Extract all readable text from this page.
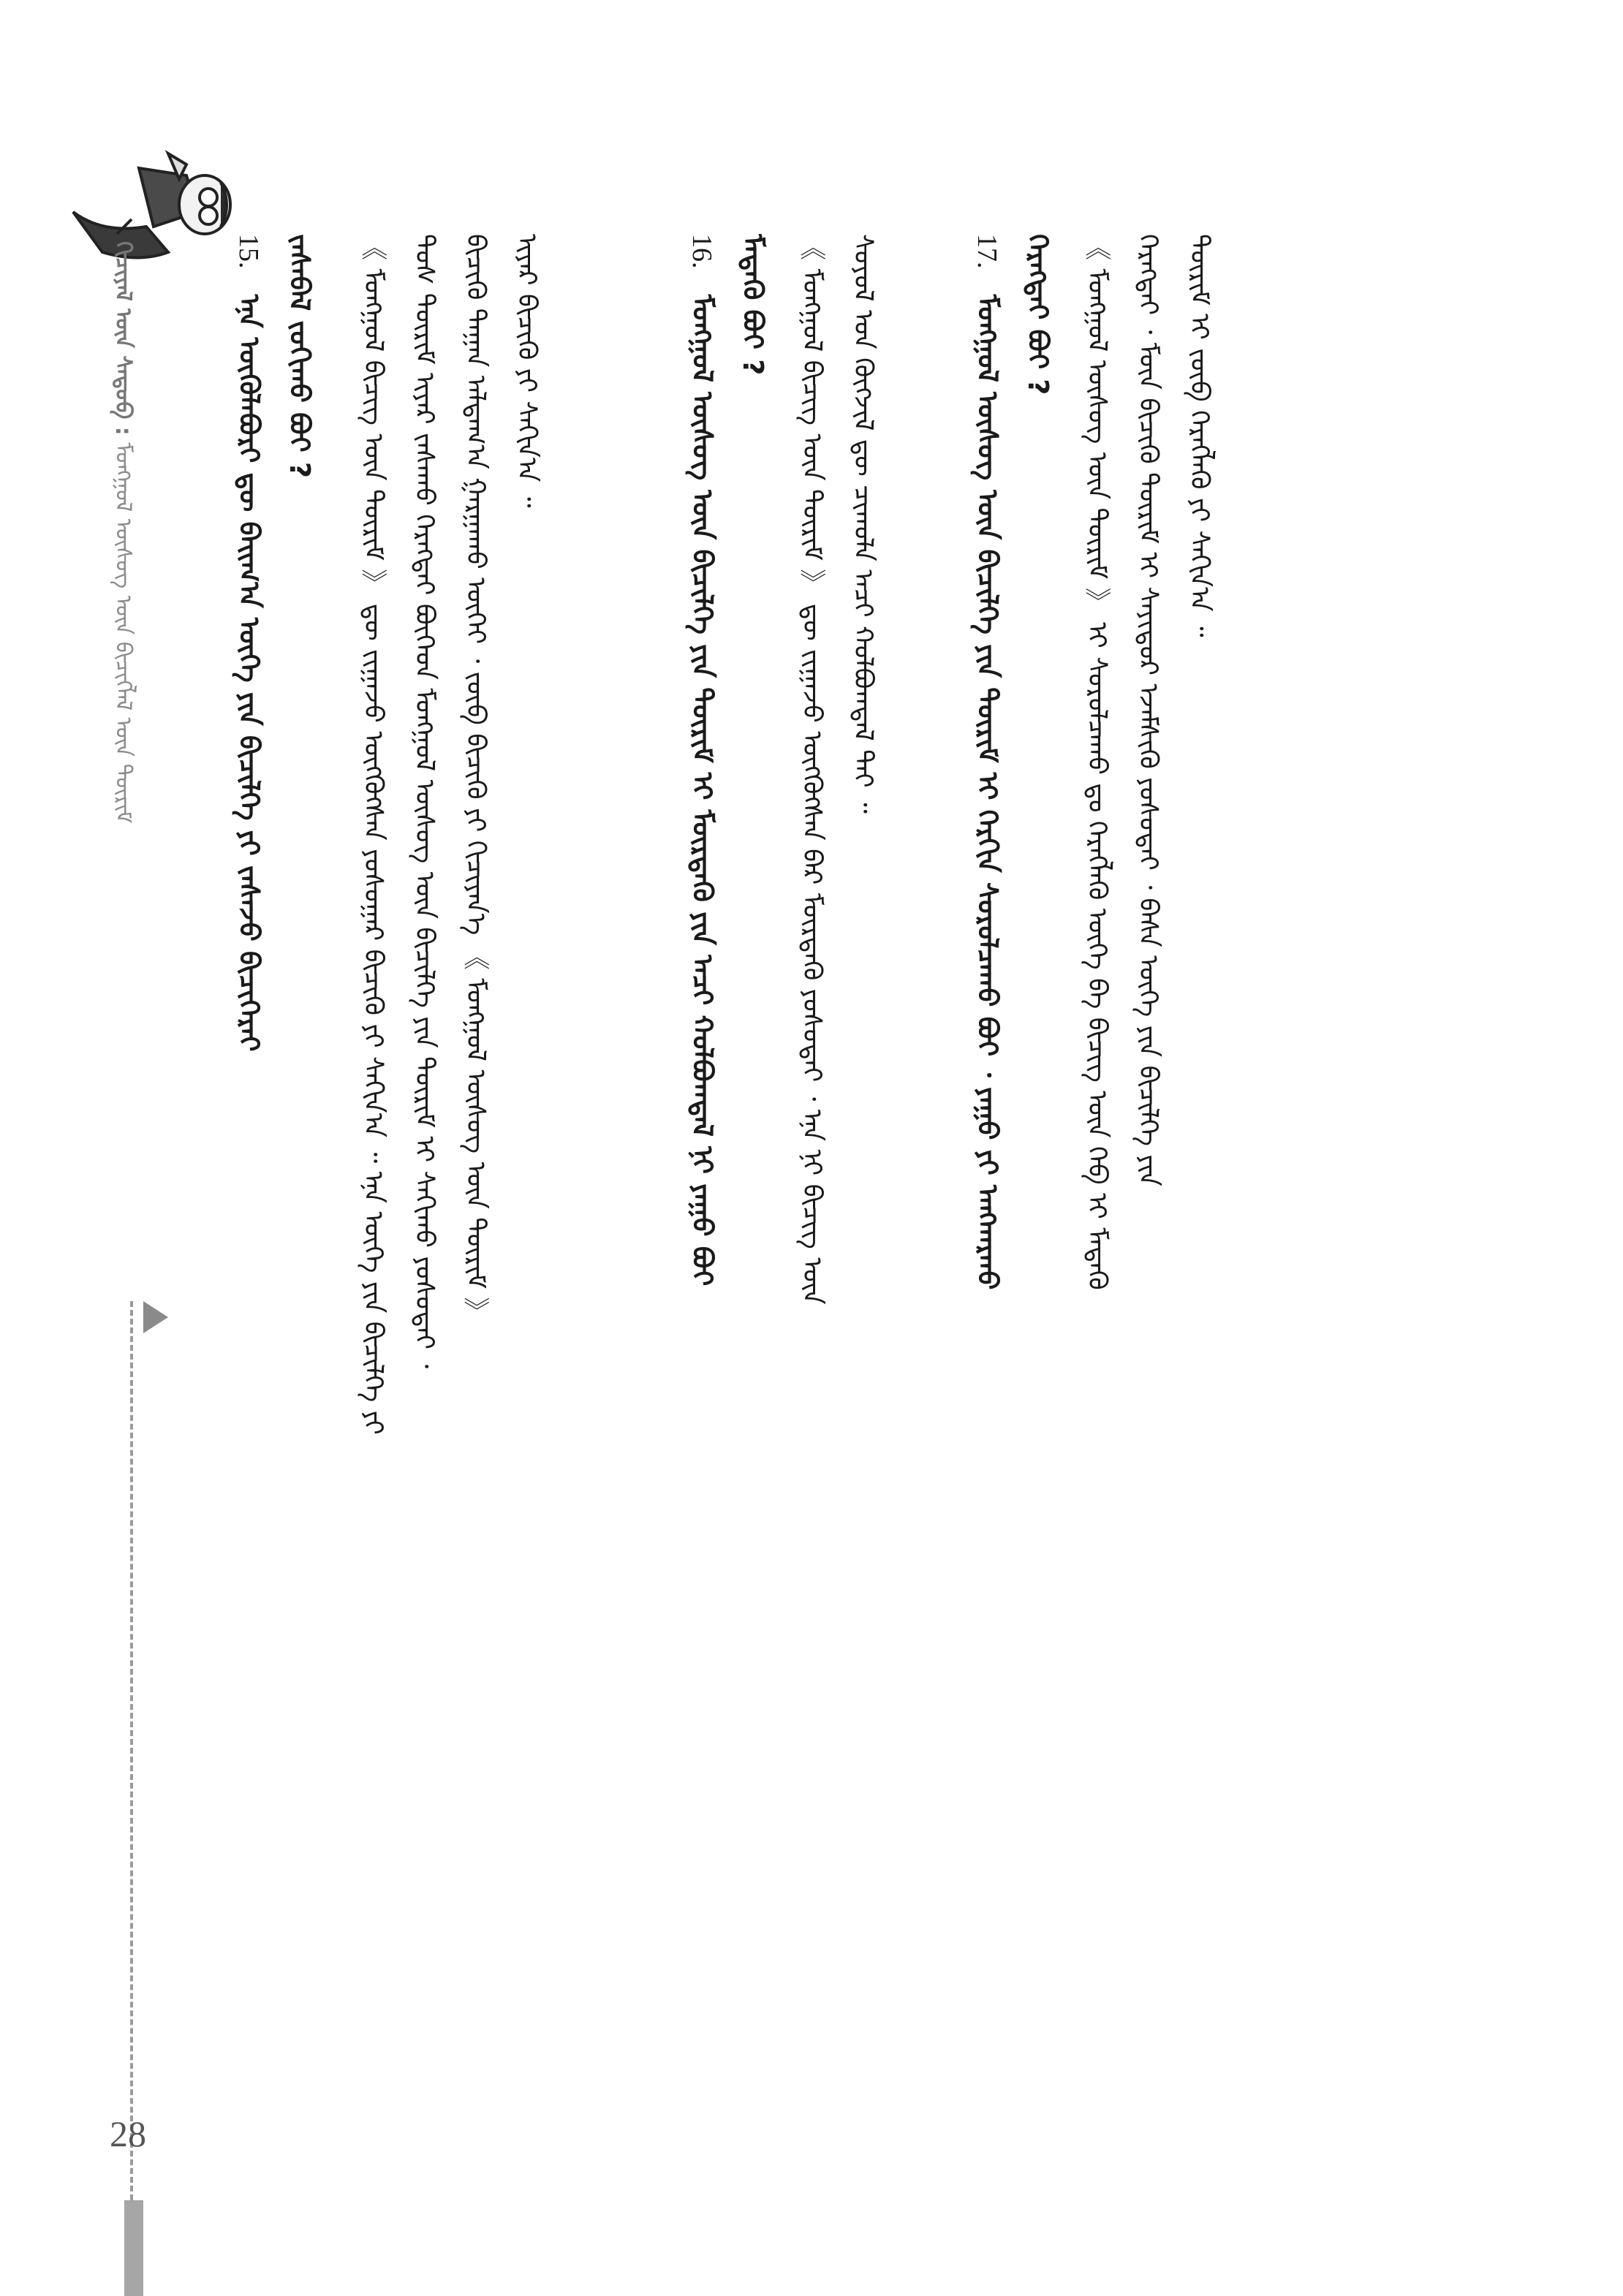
ᠬᠢᠴᠢᠶᠡᠯ ᠦᠨ ᠰᠡᠳᠦᠪ : ᠮᠣᠩᠭᠣᠯ ᠦᠰᠦᠭ ᠦᠨ ᠪᠢᠴᠢᠭᠯᠡᠯ ᠦᠨ ᠳᠦᠷᠢᠮ
15. ᠡᠨᠡ ᠦᠭᠦᠯᠡᠪᠦᠷᠢ ᠳᠦ ᠪᠠᠢᠭ᠎ᠠ ᠦᠭᠡ ᠶᠢᠨ ᠪᠢᠴᠢᠯᠭᠡ ᠶᠢ ᠵᠠᠰᠠᠵᠤ ᠪᠢᠴᠢᠭᠡᠷᠡᠢ ᠵᠠᠰᠠᠪᠠᠯ ᠵᠣᠬᠢᠬᠤ ᠪᠤᠢ ? 《 ᠮᠣᠩᠭᠣᠯ ᠪᠢᠴᠢᠭ ᠦᠨ ᠳᠦᠷᠢᠮ 》 ᠳᠦ ᠵᠢᠭᠠᠵᠤ ᠦᠭᠭᠦᠭᠰᠡᠨ ᠶᠣᠰᠣᠭᠠᠷ ᠪᠢᠴᠢᠬᠦ ᠶᠢ ᠰᠠᠬᠢᠨ᠎ᠠ ᠃ ᠡᠨᠡ ᠦᠭᠡ ᠶᠢᠨ ᠪᠢᠴᠢᠯᠭᠡ ᠶᠢ ᠲᠤᠰ ᠳᠦᠷᠢᠮ ᠢᠶᠡᠷ ᠵᠠᠰᠠᠬᠤ ᠬᠡᠷᠡᠭᠲᠡᠢ ᠪᠦᠭᠡᠳ ᠮᠣᠩᠭᠣᠯ ᠦᠰᠦᠭ ᠦᠨ ᠪᠢᠴᠢᠯᠭᠡ ᠶᠢᠨ ᠳᠦᠷᠢᠮ ᠢ ᠰᠠᠬᠢᠬᠤ ᠶᠣᠰᠣᠲᠠᠢ ᠂ ᠪᠢᠴᠢᠬᠦ ᠳᠠᠭᠠᠨ ᠠᠯᠳᠠᠭ᠎ᠠ ᠭᠠᠷᠭᠠᠬᠤ ᠦᠭᠡᠢ ᠂ ᠵᠦᠪ ᠪᠢᠴᠢᠬᠦ ᠶᠢ ᠬᠢᠴᠢᠶᠡᠨ᠎ᠡ 《 ᠮᠣᠩᠭᠣᠯ ᠦᠰᠦᠭ ᠦᠨ ᠳᠦᠷᠢᠮ 》 ᠢᠶᠡᠷ ᠪᠢᠴᠢᠬᠦ ᠶᠢ ᠰᠠᠬᠢᠨ᠎ᠠ ᠃	16. ᠮᠣᠩᠭᠣᠯ ᠦᠰᠦᠭ ᠦᠨ ᠪᠢᠴᠢᠯᠭᠡ ᠶᠢᠨ ᠳᠦᠷᠢᠮ ᠢ ᠮᠥᠷᠳᠡᠬᠦ ᠶᠢᠨ ᠠᠴᠢ ᠬᠣᠯᠪᠣᠭᠳᠠᠯ ᠨᠢ ᠶᠠᠭᠤ ᠪᠤᠢ ᠮᠡᠳᠡᠬᠦ ᠪᠤᠢ ? 《 ᠮᠣᠩᠭᠣᠯ ᠪᠢᠴᠢᠭ ᠦᠨ ᠳᠦᠷᠢᠮ 》 ᠳᠦ ᠵᠢᠭᠠᠵᠤ ᠦᠭᠭᠦᠭᠰᠡᠨ ᠪᠠᠷ ᠮᠥᠷᠳᠡᠬᠦ ᠶᠣᠰᠣᠲᠠᠢ ᠂ ᠡᠨᠡ ᠨᠢ ᠪᠢᠴᠢᠭ ᠦᠨ ᠰᠣᠶᠣᠯ ᠤᠨ ᠬᠥᠭᠵᠢᠯ ᠳᠦ ᠴᠢᠬᠤᠯᠠ ᠠᠴᠢ ᠬᠣᠯᠪᠣᠭᠳᠠᠯ ᠲᠠᠢ ᠃	17. ᠮᠣᠩᠭᠣᠯ ᠦᠰᠦᠭ ᠦᠨ ᠪᠢᠴᠢᠯᠭᠡ ᠶᠢᠨ ᠳᠦᠷᠢᠮ ᠢ ᠬᠡᠷᠬᠢᠨ ᠰᠤᠷᠤᠯᠴᠠᠬᠤ ᠪᠤᠢ ᠂ ᠶᠠᠭᠤ ᠶᠢ ᠠᠩᠬᠠᠷᠬᠤ ᠬᠡᠷᠡᠭᠲᠡᠢ ᠪᠤᠢ ? 《 ᠮᠣᠩᠭᠣᠯ ᠦᠰᠦᠭ ᠦᠨ ᠳᠦᠷᠢᠮ 》 ᠢ ᠰᠤᠷᠤᠯᠴᠠᠬᠤ ᠳᠤ ᠬᠡᠷᠡᠭᠯᠡᠬᠦ ᠦᠭᠡ ᠪᠠ ᠪᠢᠴᠢᠭ ᠦᠨ ᠬᠡᠪ ᠢ ᠮᠡᠳᠡᠬᠦ ᠬᠡᠷᠡᠭᠲᠡᠢ ᠂ ᠮᠥᠨ ᠪᠢᠴᠢᠬᠦ ᠳᠦᠷᠢᠮ ᠢ ᠰᠠᠶᠢᠲᠤᠷ ᠡᠵᠡᠮᠰᠢᠬᠦ ᠶᠣᠰᠣᠲᠠᠢ ᠂ ᠪᠠᠰᠠ ᠦᠭᠡ ᠶᠢᠨ ᠪᠢᠴᠢᠯᠭᠡ ᠶᠢᠨ ᠳᠦᠷᠢᠮ ᠢ ᠵᠦᠪ ᠬᠡᠷᠡᠭᠯᠡᠬᠦ ᠶᠢ ᠰᠠᠬᠢᠨ᠎ᠠ ᠃
28
